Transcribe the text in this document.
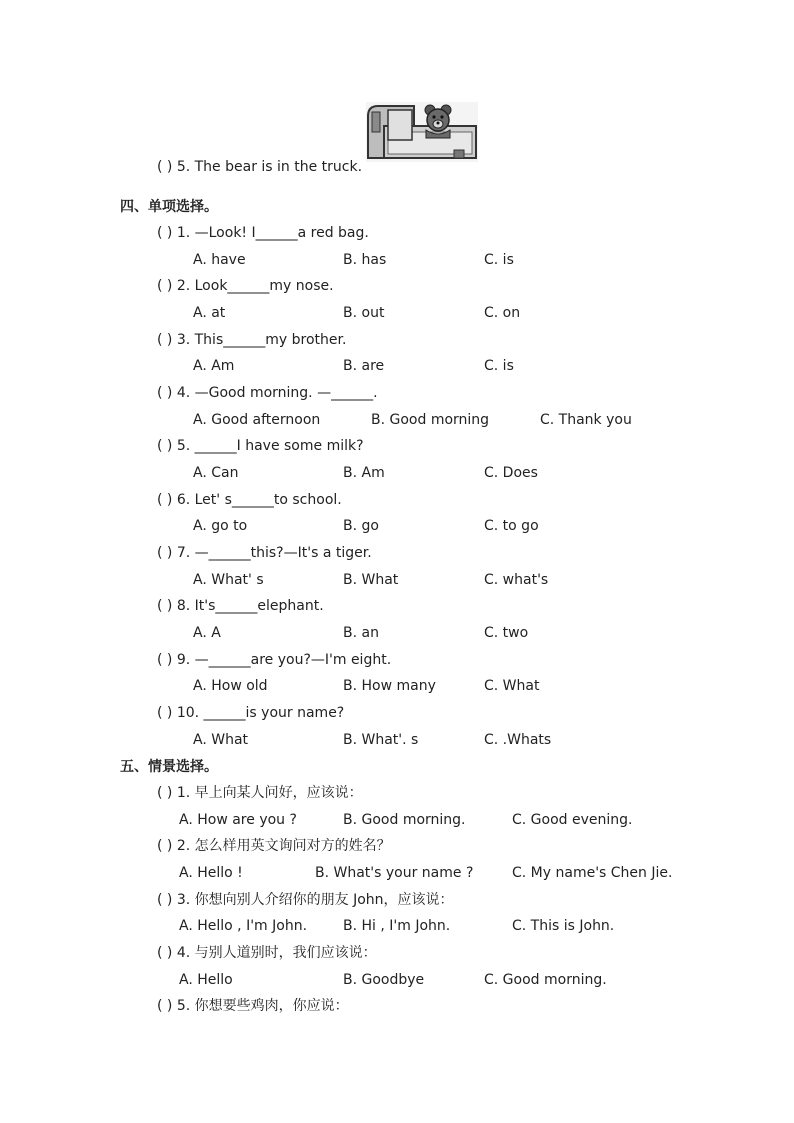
( ) 5. The bear is in the truck.
四、单项选择。
( ) 1. —Look! I______a red bag.
A. have	B. has	C. is
( ) 2. Look______my nose.
A. at	B. out	C. on
( ) 3. This______my brother.
A. Am	B. are	C. is
( ) 4. —Good morning. —______.
A. Good afternoon	B. Good morning	C. Thank you
( ) 5. ______I have some milk?
A. Can	B. Am	C. Does
( ) 6. Let' s______to school.
A. go to	B. go	C. to go
( ) 7. —______this?—It's a tiger.
A. What' s	B. What	C. what's
( ) 8. It's______elephant.
A. A	B. an	C. two
( ) 9. —______are you?—I'm eight.
A. How old	B. How many	C. What
( ) 10. ______is your name?
A. What	B. What'. s	C. .Whats
五、情景选择。
( ) 1. 早上向某人问好，应该说：
A. How are you ?	B. Good morning.	C. Good evening.
( ) 2. 怎么样用英文询问对方的姓名？
A. Hello !	B. What's your name ?	C. My name's Chen Jie.
( ) 3. 你想向别人介绍你的朋友 John，应该说：
A. Hello , I'm John.	B. Hi , I'm John.	C. This is John.
( ) 4. 与别人道别时，我们应该说：
A. Hello	B. Goodbye	C. Good morning.
( ) 5. 你想要些鸡肉，你应说：
